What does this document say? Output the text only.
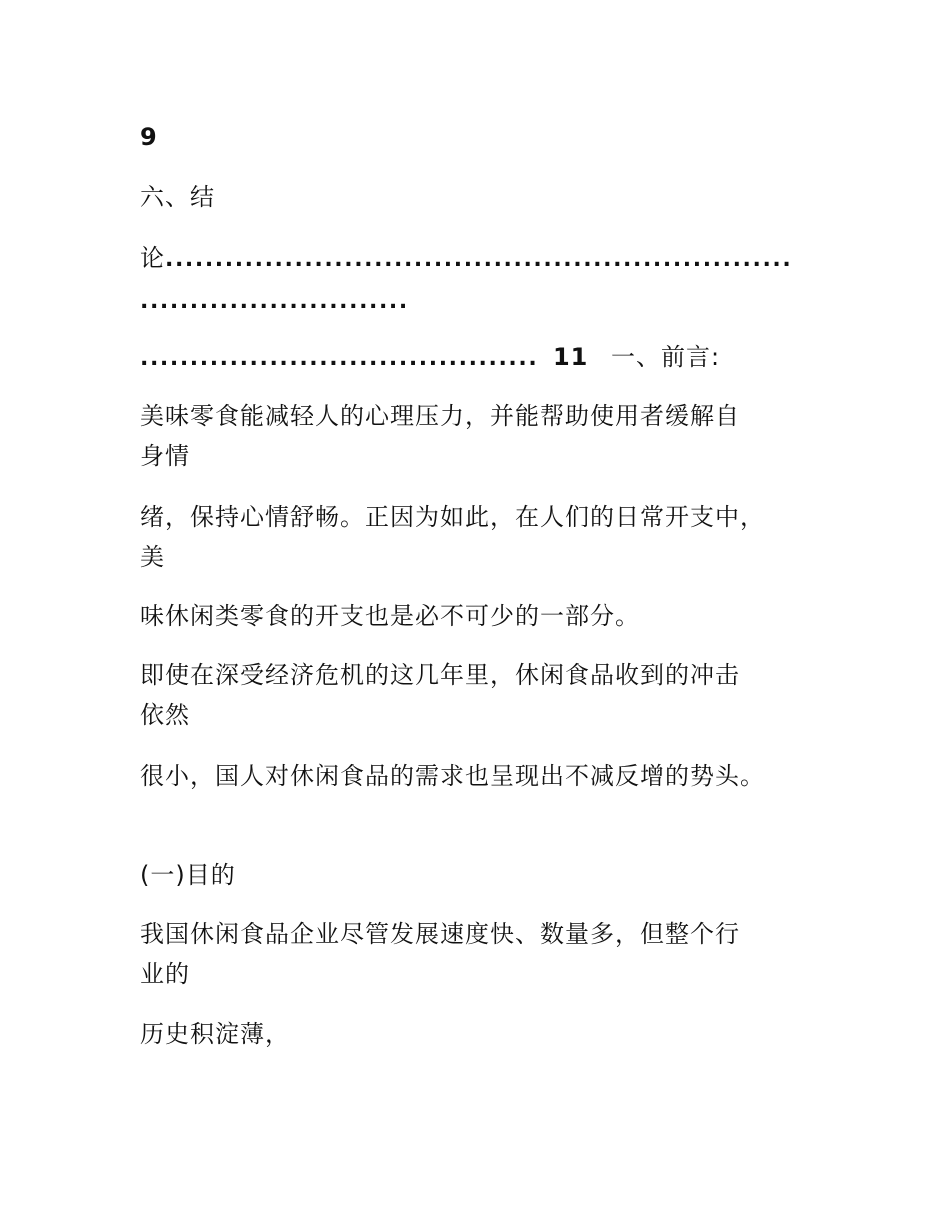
9
六、结
论...............................................................
...........................
........................................ 11 一、前言:
美味零食能减轻人的心理压力，并能帮助使用者缓解自
身情
绪，保持心情舒畅。正因为如此，在人们的日常开支中，
美
味休闲类零食的开支也是必不可少的一部分。
即使在深受经济危机的这几年里，休闲食品收到的冲击
依然
很小，国人对休闲食品的需求也呈现出不减反增的势头。
(一)目的
我国休闲食品企业尽管发展速度快、数量多，但整个行
业的
历史积淀薄，
